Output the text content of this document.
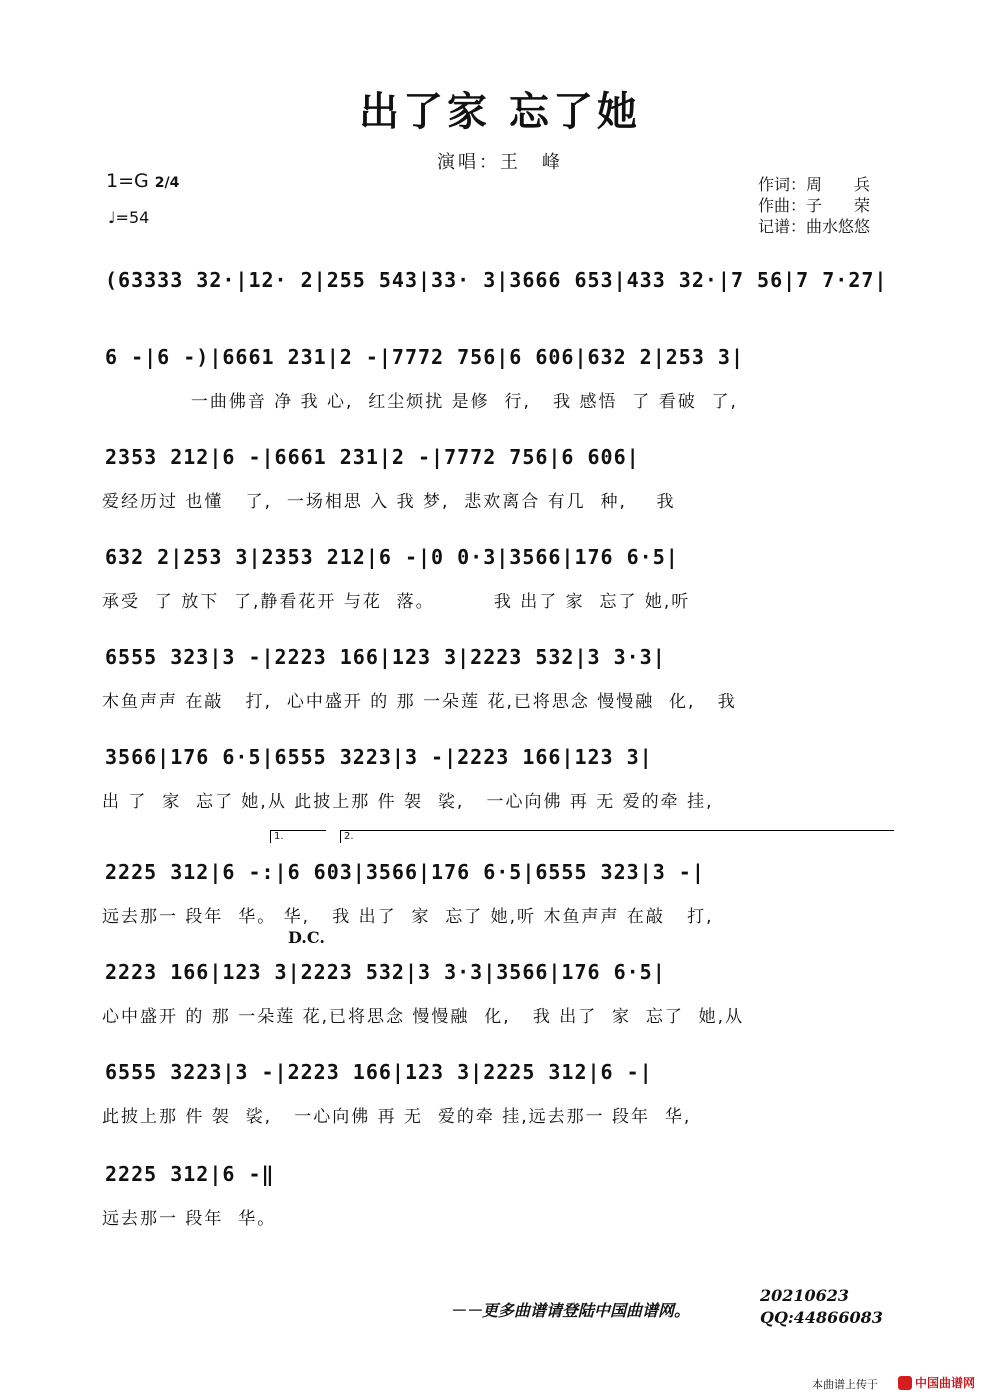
出了家 忘了她
演唱：王　峰
1=G 2/4
♩=54
作词：周　　兵
作曲：子　　荣
记谱：曲水悠悠
(63333 32·|12· 2|255 543|33· 3|3666 653|433 32·|7 56|7 7·27|
6 -|6 -)|6661 231|2 -|7772 756|6 606|632 2|253 3|
一曲佛音 净 我 心,  红尘烦扰 是修  行,   我 感悟  了 看破  了,
2353 212|6 -|6661 231|2 -|7772 756|6 606|
爱经历过 也懂   了,  一场相思 入 我 梦,  悲欢离合 有几  种,    我
632 2|253 3|2353 212|6 -|0 0·3|3566|176 6·5|
承受  了 放下  了,静看花开 与花  落。        我 出了 家  忘了 她,听
6555 323|3 -|2223 166|123 3|2223 532|3 3·3|
木鱼声声 在敲   打,  心中盛开 的 那 一朵莲 花,已将思念 慢慢融  化,   我
3566|176 6·5|6555 3223|3 -|2223 166|123 3|
出 了  家  忘了 她,从 此披上那 件 袈  裟,   一心向佛 再 无 爱的牵 挂,
2225 312|6 -:|6 603|3566|176 6·5|6555 323|3 -|
远去那一 段年  华。 华,   我 出了  家  忘了 她,听 木鱼声声 在敲   打,
2223 166|123 3|2223 532|3 3·3|3566|176 6·5|
心中盛开 的 那 一朵莲 花,已将思念 慢慢融  化,   我 出了  家  忘了  她,从
6555 3223|3 -|2223 166|123 3|2225 312|6 -|
此披上那 件 袈  裟,   一心向佛 再 无  爱的牵 挂,远去那一 段年  华,
2225 312|6 -‖
远去那一 段年  华。
1.	2.
D.C.
－－更多曲谱请登陆中国曲谱网。
20210623
QQ:44866083
本曲谱上传于	中国曲谱网
